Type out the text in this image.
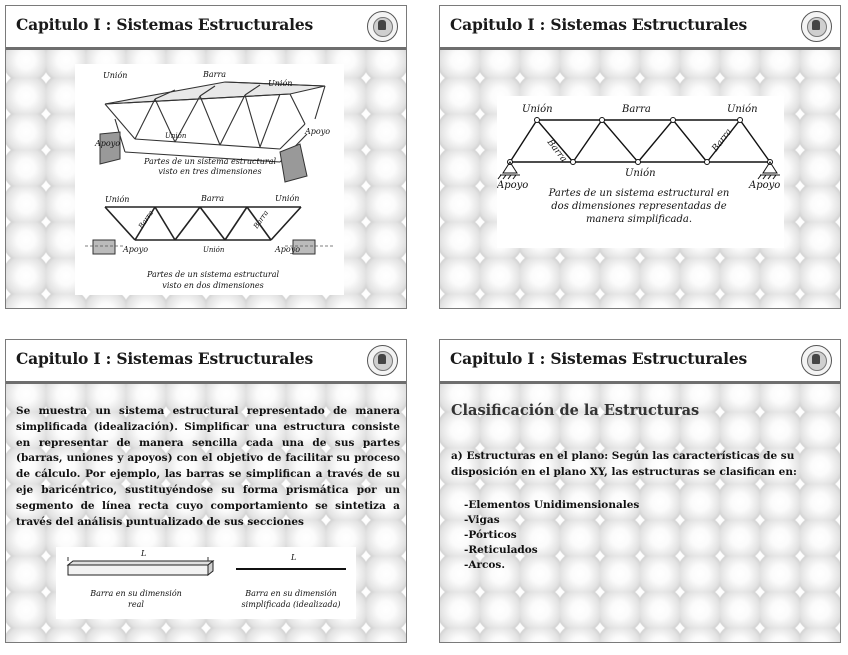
Capitulo I : Sistemas Estructurales
Unión	Barra
Unión
Unión
Apoyo
Apoyo
Partes de un sistema estructural
visto en tres dimensiones
Unión	Barra	Unión
Barra	Barra
Apoyo	Unión	Apoyo
Partes de un sistema estructural
visto en dos dimensiones
Capitulo I : Sistemas Estructurales
Unión	Barra	Unión
Barra	Barra
Unión
Apoyo	Apoyo
Partes de un sistema estructural en
dos dimensiones representadas de
manera simplificada.
Capitulo I : Sistemas Estructurales
Se muestra un sistema estructural representado de manera simplificada (idealización). Simplificar una estructura consiste en representar de manera sencilla cada una de sus partes (barras, uniones y apoyos) con el objetivo de facilitar su proceso de cálculo. Por ejemplo, las barras se simplifican a través de su eje baricéntrico, sustituyéndose su forma prismática por un segmento de línea recta cuyo comportamiento se sintetiza a través del análisis puntualizado de sus secciones
L	L
Barra en su dimensión
real
Barra en su dimensión
simplificada (idealizada)
Capitulo I : Sistemas Estructurales
Clasificación de la Estructuras
a) Estructuras en el plano: Según las características de su disposición en el plano XY, las estructuras se clasifican en:
-Elementos Unidimensionales
-Vigas
-Pórticos
-Reticulados
-Arcos.
